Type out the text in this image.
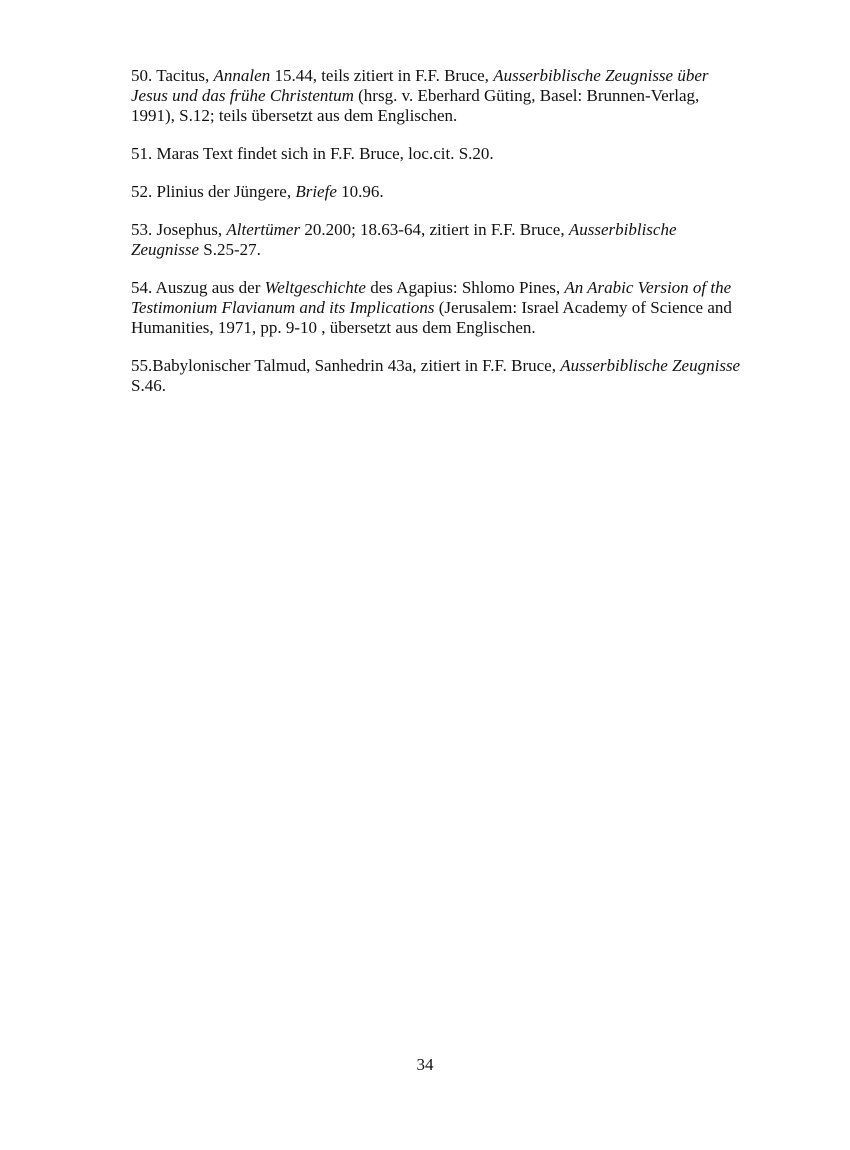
50. Tacitus, Annalen 15.44, teils zitiert in F.F. Bruce, Ausserbiblische Zeugnisse über Jesus und das frühe Christentum (hrsg. v. Eberhard Güting, Basel: Brunnen-Verlag, 1991), S.12; teils übersetzt aus dem Englischen.

51. Maras Text findet sich in F.F. Bruce, loc.cit. S.20.

52. Plinius der Jüngere, Briefe 10.96.

53. Josephus, Altertümer 20.200; 18.63-64, zitiert in F.F. Bruce, Ausserbiblische Zeugnisse S.25-27.

54. Auszug aus der Weltgeschichte des Agapius: Shlomo Pines, An Arabic Version of the Testimonium Flavianum and its Implications (Jerusalem: Israel Academy of Science and Humanities, 1971, pp. 9-10 , übersetzt aus dem Englischen.

55.Babylonischer Talmud, Sanhedrin 43a, zitiert in F.F. Bruce, Ausserbiblische Zeugnisse S.46.

34
